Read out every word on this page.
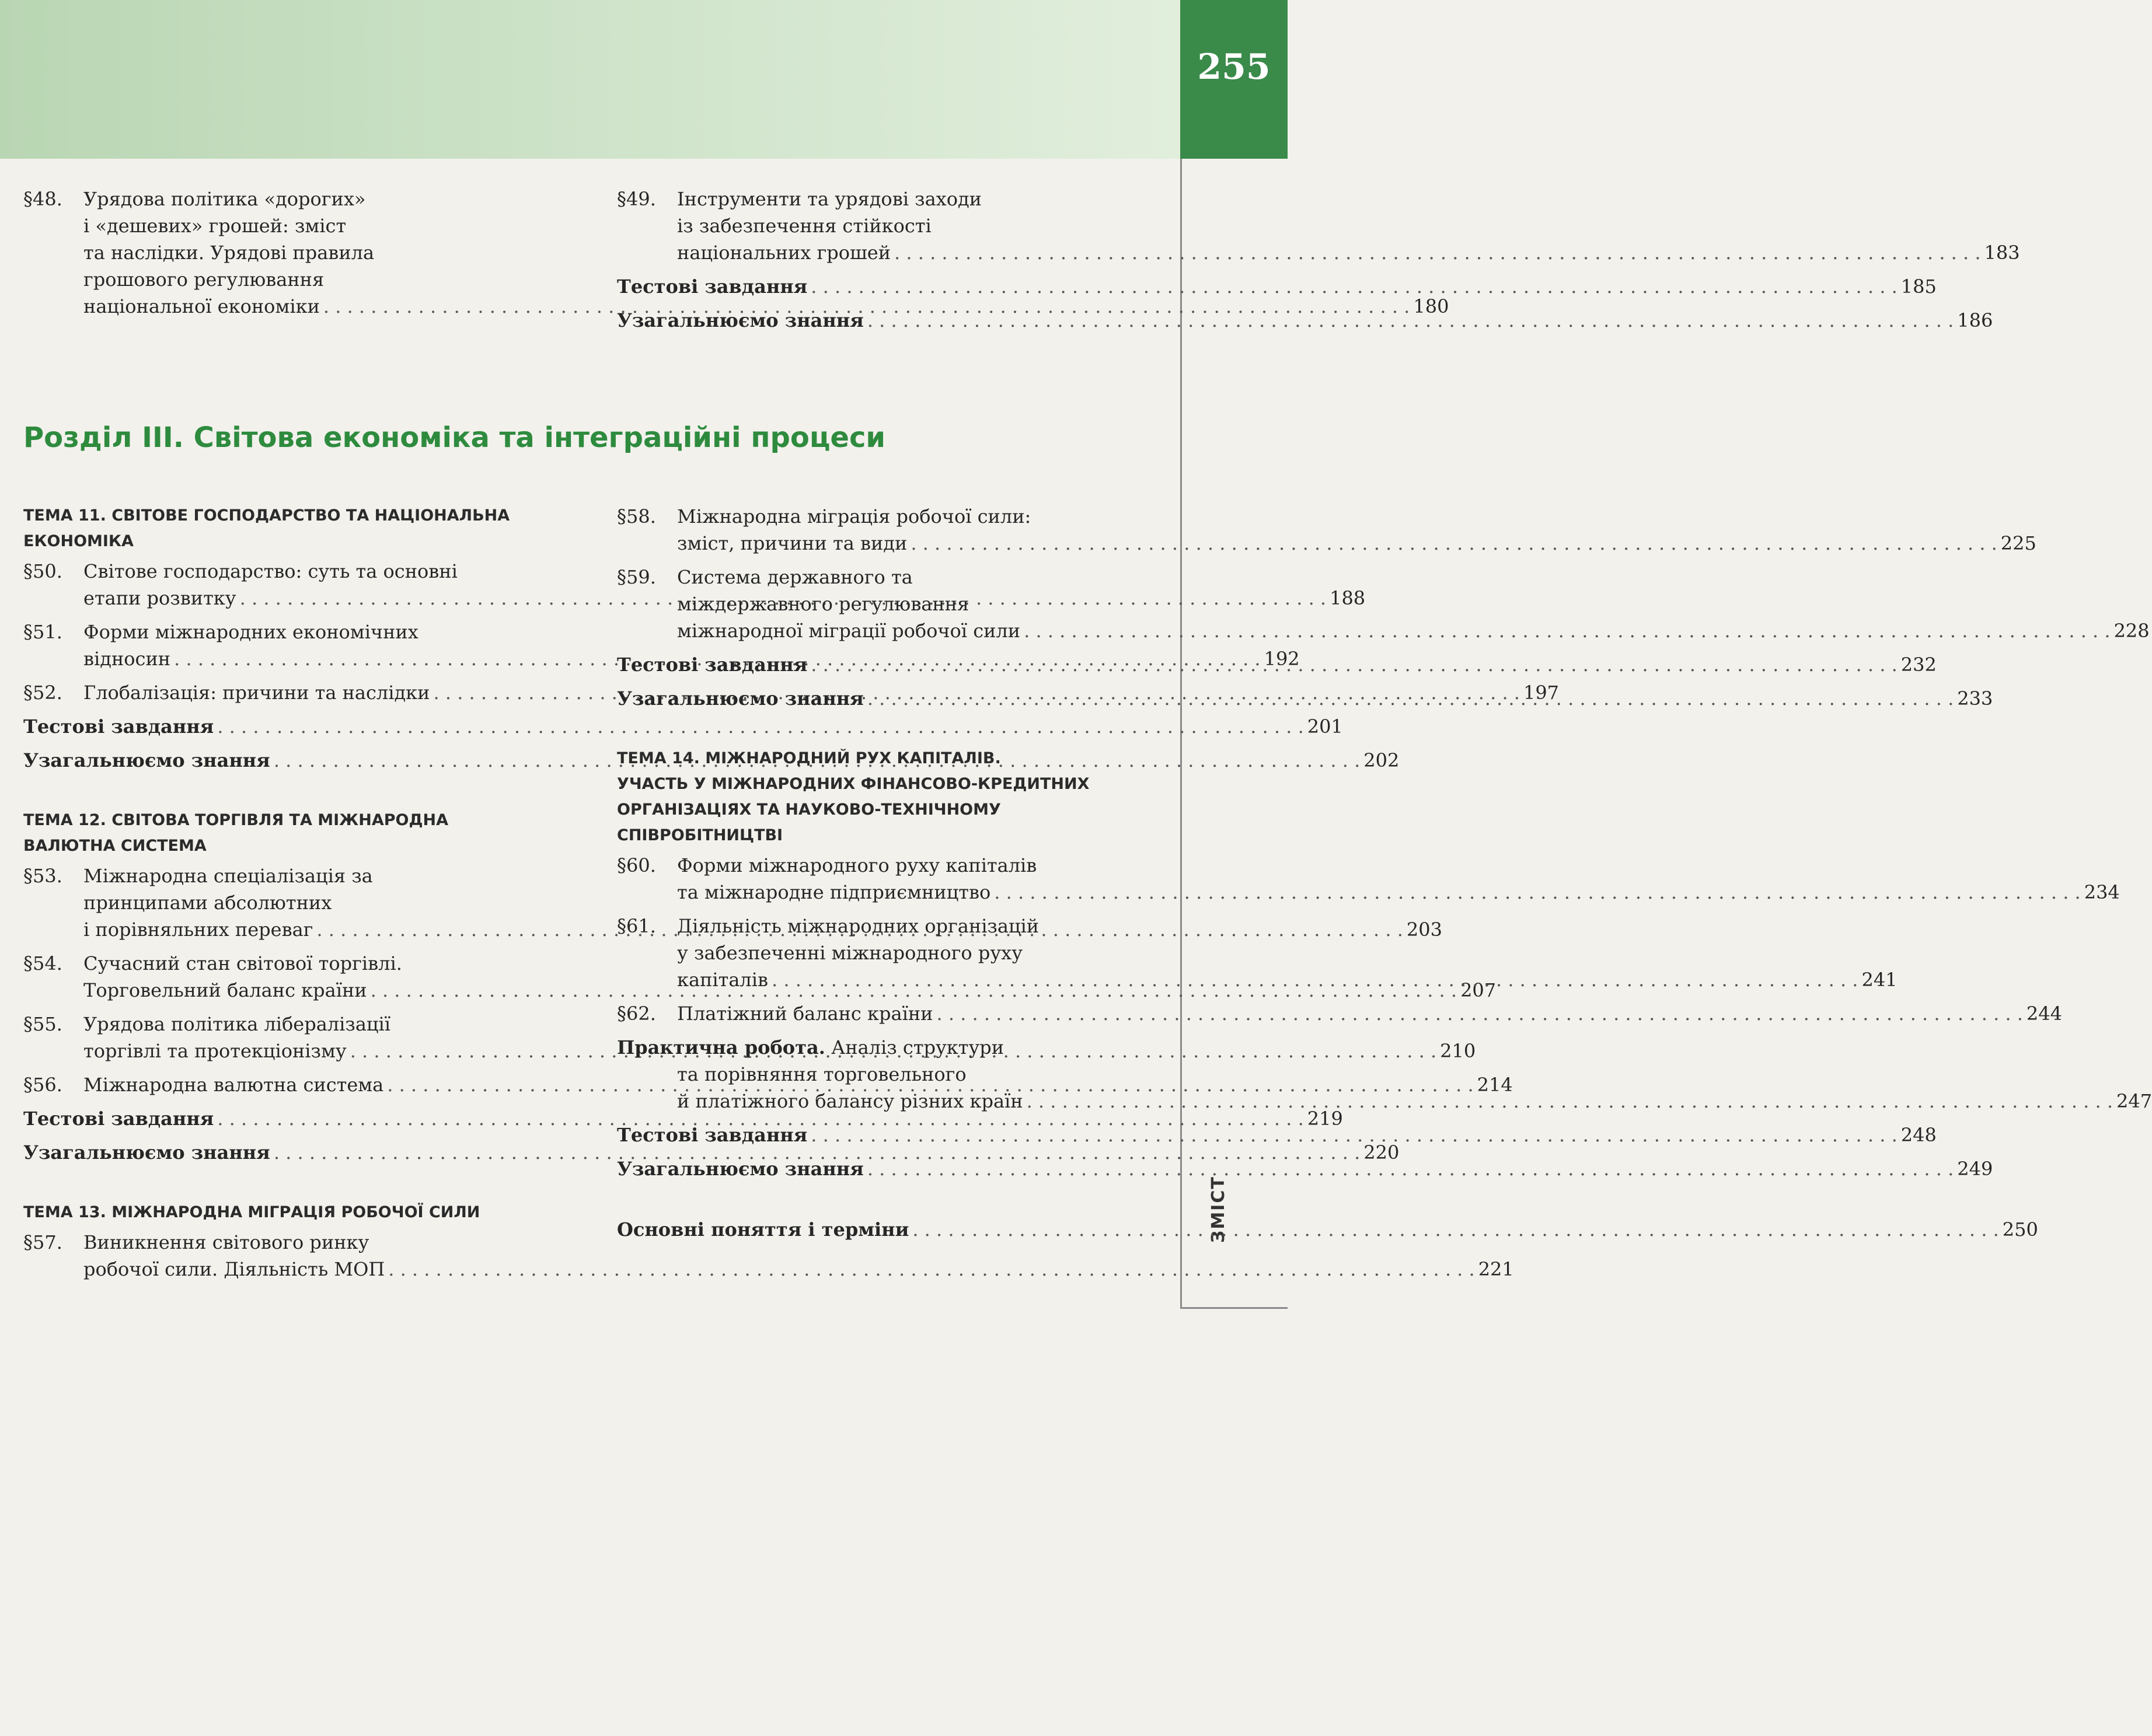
255
ЗМІСТ
§48.	Урядова політика «дорогих»
і «дешевих» грошей: зміст
та наслідки. Урядові правила
грошового регулювання
національної економіки . . .	180
§49.	Інструменти та урядові заходи
із забезпечення стійкості
національних грошей . . .	183
Тестові завдання . . .	185
Узагальнюємо знання . . .	186
Розділ ІІІ. Світова економіка та інтеграційні процеси
ТЕМА 11. СВІТОВЕ ГОСПОДАРСТВО ТА НАЦІОНАЛЬНА
ЕКОНОМІКА
§50.	Світове господарство: суть та основні
етапи розвитку . . .	188
§51.	Форми міжнародних економічних
відносин . . .	192
§52.	Глобалізація: причини та наслідки . . .	197
Тестові завдання . . .	201
Узагальнюємо знання . . .	202
ТЕМА 12. СВІТОВА ТОРГІВЛЯ ТА МІЖНАРОДНА
ВАЛЮТНА СИСТЕМА
§53.	Міжнародна спеціалізація за
принципами абсолютних
і порівняльних переваг . . .	203
§54.	Сучасний стан світової торгівлі.
Торговельний баланс країни . . .	207
§55.	Урядова політика лібералізації
торгівлі та протекціонізму . . .	210
§56.	Міжнародна валютна система . . .	214
Тестові завдання . . .	219
Узагальнюємо знання . . .	220
ТЕМА 13. МІЖНАРОДНА МІГРАЦІЯ РОБОЧОЇ СИЛИ
§57.	Виникнення світового ринку
робочої сили. Діяльність МОП . . .	221
§58.	Міжнародна міграція робочої сили:
зміст, причини та види . . .	225
§59.	Система державного та
міждержавного регулювання
міжнародної міграції робочої сили . . .	228
Тестові завдання . . .	232
Узагальнюємо знання . . .	233
ТЕМА 14. МІЖНАРОДНИЙ РУХ КАПІТАЛІВ.
УЧАСТЬ У МІЖНАРОДНИХ ФІНАНСОВО-КРЕДИТНИХ
ОРГАНІЗАЦІЯХ ТА НАУКОВО-ТЕХНІЧНОМУ
СПІВРОБІТНИЦТВІ
§60.	Форми міжнародного руху капіталів
та міжнародне підприємництво . . .	234
§61.	Діяльність міжнародних організацій
у забезпеченні міжнародного руху
капіталів . . .	241
§62.	Платіжний баланс країни . . .	244
Практична робота. Аналіз структури
та порівняння торговельного
й платіжного балансу різних країн . . .	247
Тестові завдання . . .	248
Узагальнюємо знання . . .	249
Основні поняття і терміни . . .	250
